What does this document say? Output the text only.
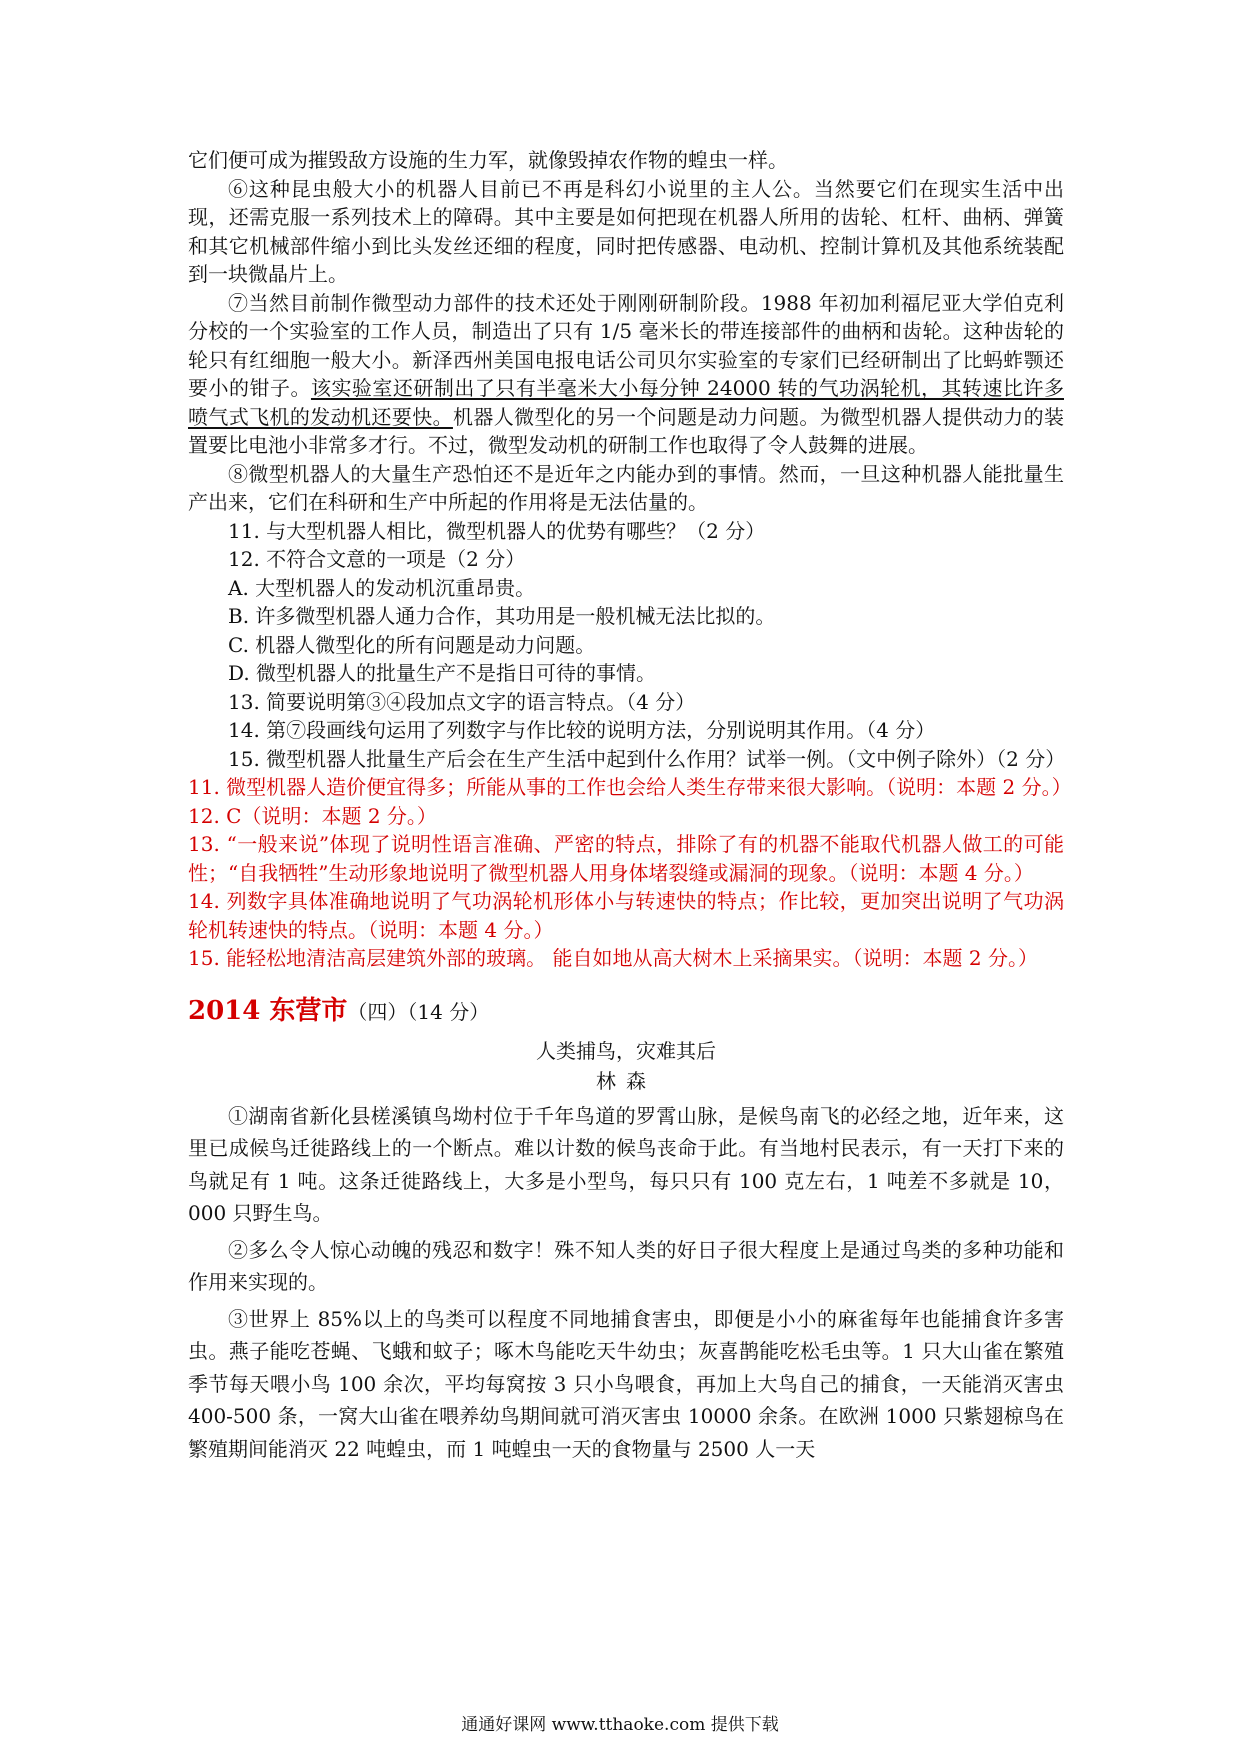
它们便可成为摧毁敌方设施的生力军，就像毁掉农作物的蝗虫一样。

⑥这种昆虫般大小的机器人目前已不再是科幻小说里的主人公。当然要它们在现实生活中出现，还需克服一系列技术上的障碍。其中主要是如何把现在机器人所用的齿轮、杠杆、曲柄、弹簧和其它机械部件缩小到比头发丝还细的程度，同时把传感器、电动机、控制计算机及其他系统装配到一块微晶片上。

⑦当然目前制作微型动力部件的技术还处于刚刚研制阶段。1988 年初加利福尼亚大学伯克利分校的一个实验室的工作人员，制造出了只有 1/5 毫米长的带连接部件的曲柄和齿轮。这种齿轮的轮只有红细胞一般大小。新泽西州美国电报电话公司贝尔实验室的专家们已经研制出了比蚂蚱颚还要小的钳子。该实验室还研制出了只有半毫米大小每分钟 24000 转的气功涡轮机，其转速比许多喷气式飞机的发动机还要快。机器人微型化的另一个问题是动力问题。为微型机器人提供动力的装置要比电池小非常多才行。不过，微型发动机的研制工作也取得了令人鼓舞的进展。

⑧微型机器人的大量生产恐怕还不是近年之内能办到的事情。然而，一旦这种机器人能批量生产出来，它们在科研和生产中所起的作用将是无法估量的。

11. 与大型机器人相比，微型机器人的优势有哪些？（2 分）

12. 不符合文意的一项是（2 分）

A. 大型机器人的发动机沉重昂贵。

B. 许多微型机器人通力合作，其功用是一般机械无法比拟的。

C. 机器人微型化的所有问题是动力问题。

D. 微型机器人的批量生产不是指日可待的事情。

13. 简要说明第③④段加点文字的语言特点。（4 分）

14. 第⑦段画线句运用了列数字与作比较的说明方法，分别说明其作用。（4 分）

15. 微型机器人批量生产后会在生产生活中起到什么作用？试举一例。（文中例子除外）（2 分）

11. 微型机器人造价便宜得多；所能从事的工作也会给人类生存带来很大影响。（说明：本题 2 分。）

12. C（说明：本题 2 分。）

13. “一般来说”体现了说明性语言准确、严密的特点，排除了有的机器不能取代机器人做工的可能性；“自我牺牲”生动形象地说明了微型机器人用身体堵裂缝或漏洞的现象。（说明：本题 4 分。）

14. 列数字具体准确地说明了气功涡轮机形体小与转速快的特点；作比较，更加突出说明了气功涡轮机转速快的特点。（说明：本题 4 分。）

15. 能轻松地清洁高层建筑外部的玻璃。 能自如地从高大树木上采摘果实。（说明：本题 2 分。）

2014 东营市（四）（14 分）

人类捕鸟，灾难其后

林森

①湖南省新化县槎溪镇鸟坳村位于千年鸟道的罗霄山脉，是候鸟南飞的必经之地，近年来，这里已成候鸟迁徙路线上的一个断点。难以计数的候鸟丧命于此。有当地村民表示，有一天打下来的鸟就足有 1 吨。这条迁徙路线上，大多是小型鸟，每只只有 100 克左右，1 吨差不多就是 10，000 只野生鸟。

②多么令人惊心动魄的残忍和数字！殊不知人类的好日子很大程度上是通过鸟类的多种功能和作用来实现的。

③世界上 85%以上的鸟类可以程度不同地捕食害虫，即便是小小的麻雀每年也能捕食许多害虫。燕子能吃苍蝇、飞蛾和蚊子；啄木鸟能吃天牛幼虫；灰喜鹊能吃松毛虫等。1 只大山雀在繁殖季节每天喂小鸟 100 余次，平均每窝按 3 只小鸟喂食，再加上大鸟自己的捕食，一天能消灭害虫 400-500 条，一窝大山雀在喂养幼鸟期间就可消灭害虫 10000 余条。在欧洲 1000 只紫翅椋鸟在繁殖期间能消灭 22 吨蝗虫，而 1 吨蝗虫一天的食物量与 2500 人一天

通通好课网 www.tthaoke.com 提供下载
